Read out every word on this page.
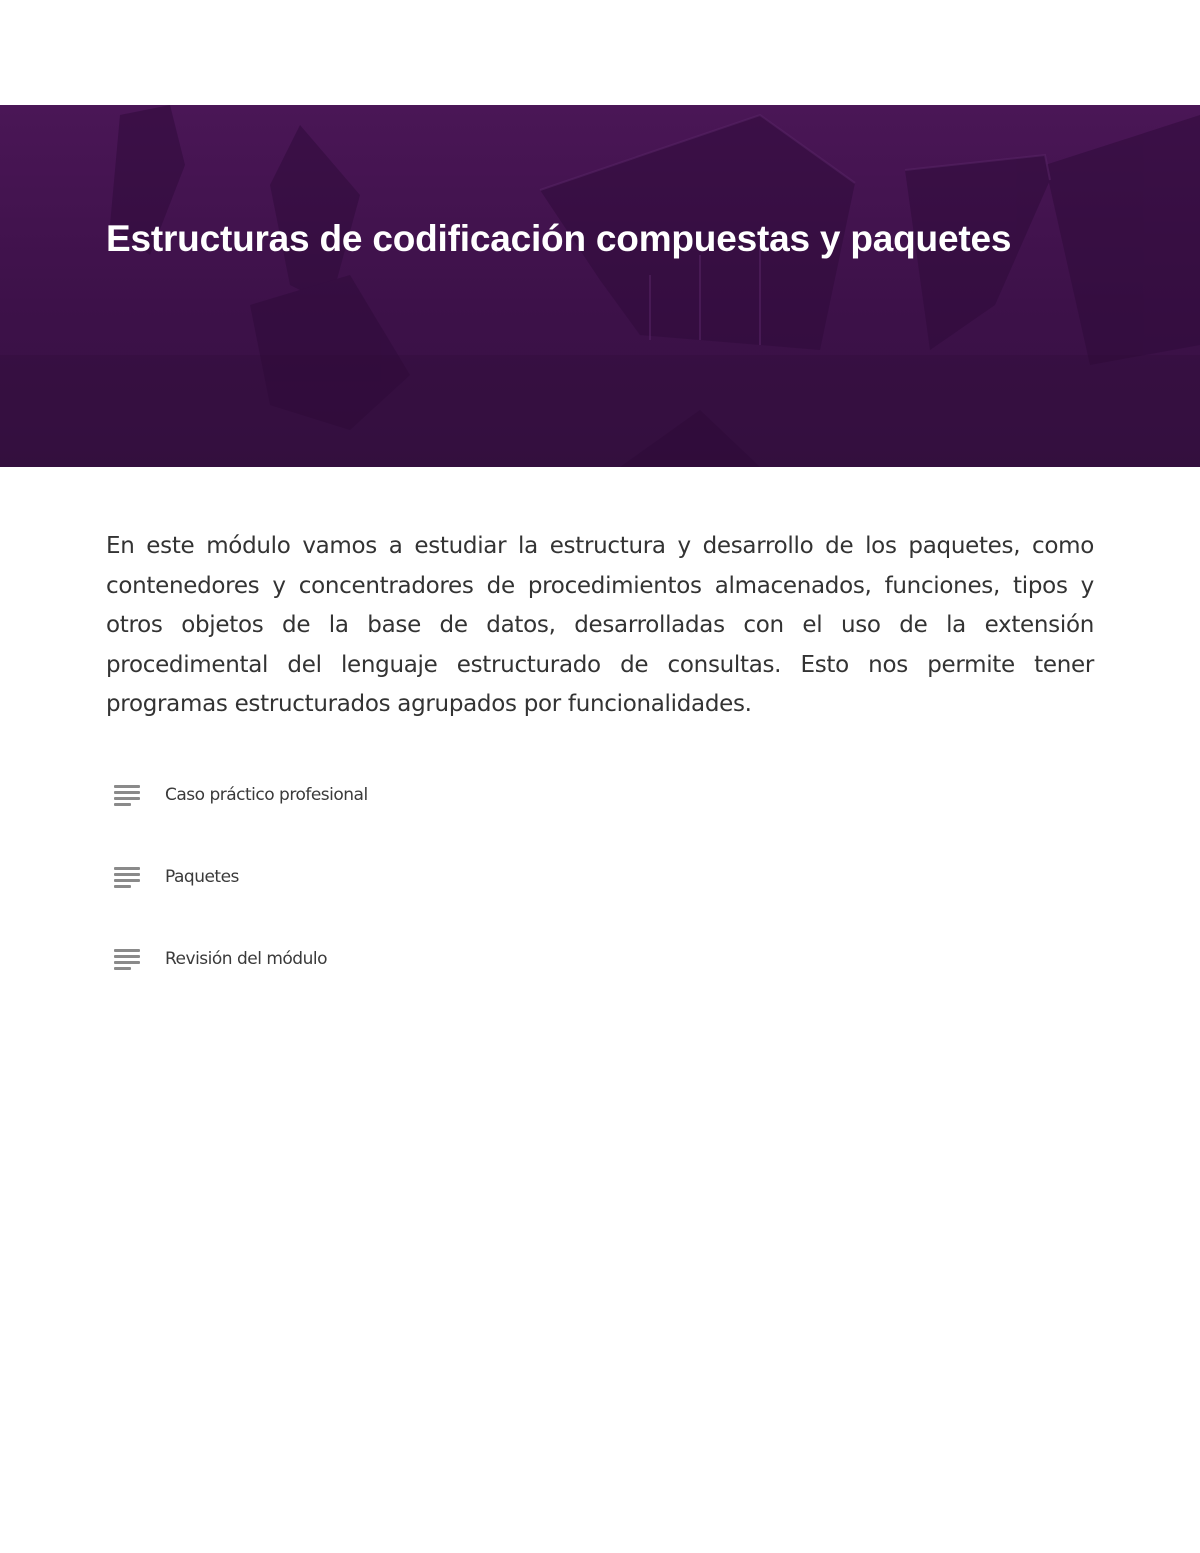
Estructuras de codificación compuestas y paquetes

En este módulo vamos a estudiar la estructura y desarrollo de los paquetes, como contenedores y concentradores de procedimientos almacenados, funciones, tipos y otros objetos de la base de datos, desarrolladas con el uso de la extensión procedimental del lenguaje estructurado de consultas. Esto nos permite tener programas estructurados agrupados por funcionalidades.

Caso práctico profesional
Paquetes
Revisión del módulo
